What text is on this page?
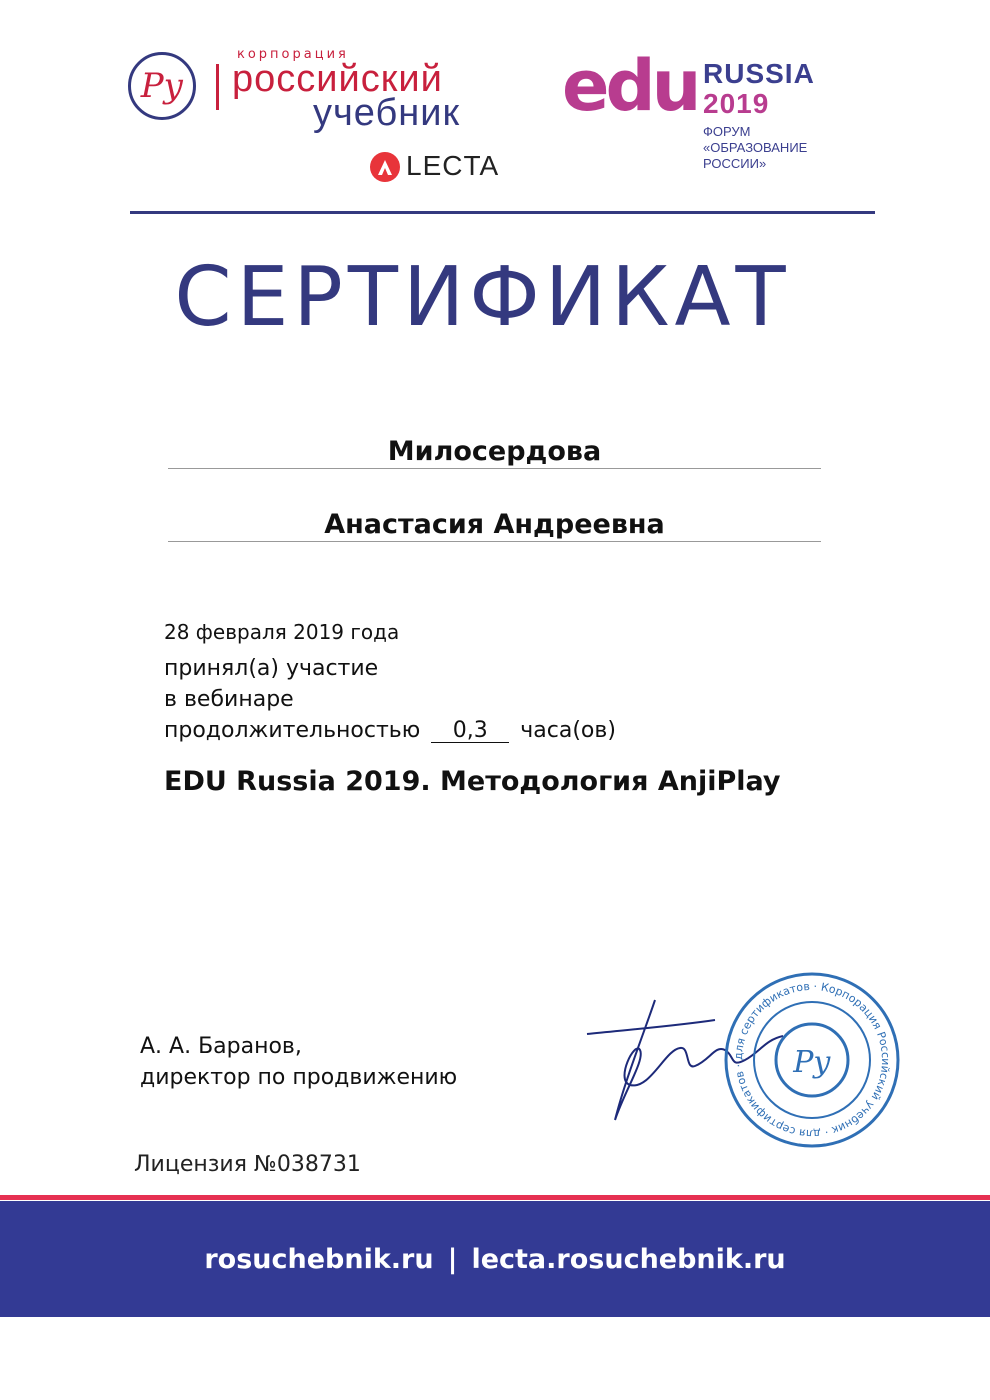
Ру
корпорация
российский
учебник
LECTA
edu RUSSIA
2019
ФОРУМ
«ОБРАЗОВАНИЕ
РОССИИ»
СЕРТИФИКАТ
Милосердова
Анастасия Андреевна
28 февраля 2019 года
принял(а) участие
в вебинаре
продолжительностью 0,3 часа(ов)
EDU Russia 2019. Методология AnjiPlay
А. А. Баранов,
директор по продвижению
для сертификатов · Корпорация Российский учебник · для сертификатов ·	Ру
Лицензия №038731
rosuchebnik.ru | lecta.rosuchebnik.ru
